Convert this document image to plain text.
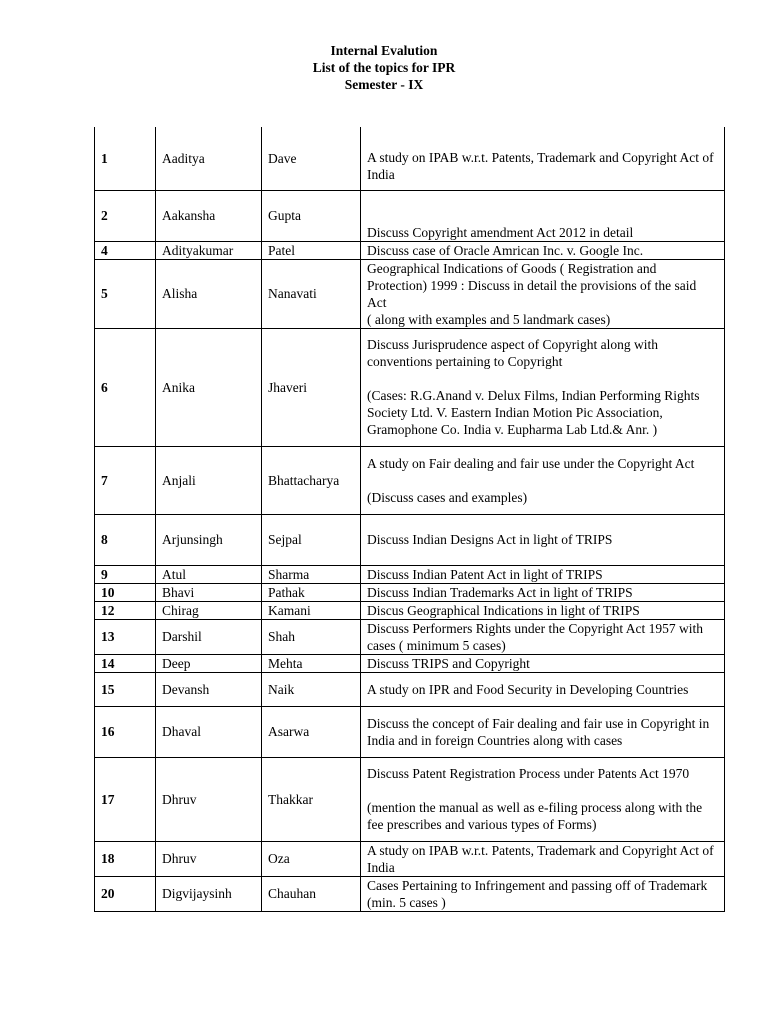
Internal Evalution
List of the topics for IPR
Semester - IX
1	Aaditya	Dave	A study on IPAB w.r.t. Patents, Trademark and Copyright Act of India

2	Aakansha	Gupta	Discuss Copyright amendment Act 2012 in detail

4	Adityakumar	Patel	Discuss case of Oracle Amrican Inc. v. Google Inc.

5	Alisha	Nanavati	Geographical Indications of Goods ( Registration and Protection) 1999 : Discuss in detail the provisions of the said Act
( along with examples and 5 landmark cases)

6	Anika	Jhaveri	Discuss Jurisprudence aspect of Copyright along with conventions pertaining to Copyright
(Cases: R.G.Anand v. Delux Films, Indian Performing Rights Society Ltd. V. Eastern Indian Motion Pic Association, Gramophone Co. India v. Eupharma Lab Ltd.& Anr. )

7	Anjali	Bhattacharya	A study on Fair dealing and fair use under the Copyright Act
(Discuss cases and examples)

8	Arjunsingh	Sejpal	Discuss Indian Designs Act in light of TRIPS

9	Atul	Sharma	Discuss Indian Patent Act in light of TRIPS

10	Bhavi	Pathak	Discuss Indian Trademarks Act in light of TRIPS

12	Chirag	Kamani	Discus Geographical Indications in light of TRIPS

13	Darshil	Shah	Discuss Performers Rights under the Copyright Act 1957 with cases ( minimum 5 cases)

14	Deep	Mehta	Discuss TRIPS and Copyright

15	Devansh	Naik	A study on IPR and Food Security in Developing Countries

16	Dhaval	Asarwa	Discuss the concept of Fair dealing and fair use in Copyright in India and in foreign Countries along with cases

17	Dhruv	Thakkar	Discuss Patent Registration Process under Patents Act 1970
(mention the manual as well as e-filing process along with the fee prescribes and various types of Forms)

18	Dhruv	Oza	A study on IPAB w.r.t. Patents, Trademark and Copyright Act of India

20	Digvijaysinh	Chauhan	Cases Pertaining to Infringement and passing off of Trademark (min. 5 cases )
